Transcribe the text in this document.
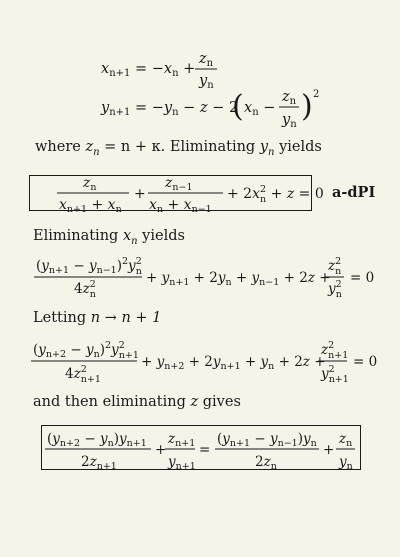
$x_{n+1} = -x_n$ +
$z_n$
$y_n$
$y_{n+1} = -y_n - z - 2$
( $x_n$ −
$z_n$
$y_n$
) 2
where $z_n = n + \kappa$. Eliminating $y_n$ yields
$z_n$
$x_{n+1} + x_n$
+
$z_{n-1}$
$x_n + x_{n-1}$
+ $2x^2$ n + z = 0 a-dPI
Eliminating $x_n$ yields
$(y_{n+1} - y_{n-1})^2y^2$ n
$4z^2$ n
+ $y_{n+1} + 2y_n + y_{n-1} + 2z$ +
$z^2$ n
$y^2$ n
= 0
Letting n → n + 1
$(y_{n+2} - y_n)^2y^2$ n+1
$4z^2$ n+1
+ $y_{n+2} + 2y_{n+1} + y_n + 2z$ +
$z^2$ n+1
$y^2$ n+1
= 0
and then eliminating z gives
$(y_{n+2} - y_n)y_{n+1}$
$2z_{n+1}$
+
$z_{n+1}$
$y_{n+1}$
=
$(y_{n+1} - y_{n-1})y_n$
$2z_n$
+
$z_n$
$y_n$
